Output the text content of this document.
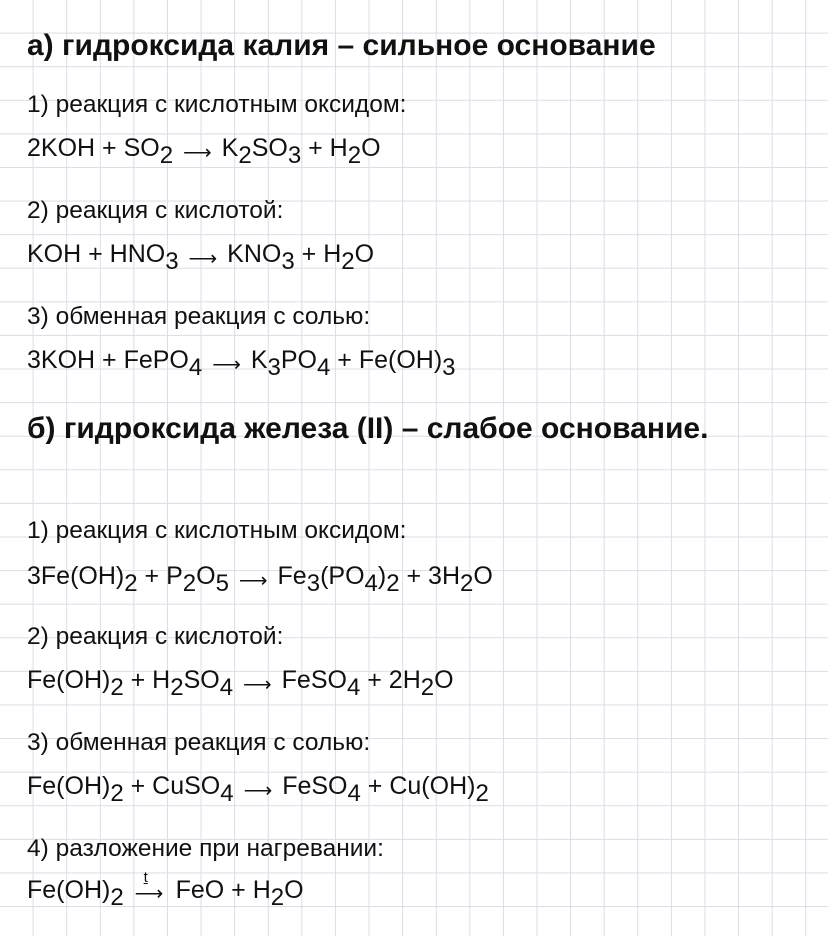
а) гидроксида калия – сильное основание
1) реакция с кислотным оксидом:
$2KOH + SO_2$ ⟶ $K_2SO_3 + H_2O$
2) реакция с кислотой:
KOH + $HNO_3$ ⟶ $KNO_3 + H_2O$
3) обменная реакция с солью:
3KOH + FePO$_4$ ⟶ $K_3PO_4 + Fe(OH)_3$
б) гидроксида железа (II) – слабое основание.
1) реакция с кислотным оксидом:
$3Fe(OH)_2 + P_2O_5$ ⟶ $Fe_3(PO_4)_2 + 3H_2O$
2) реакция с кислотой:
$Fe(OH)_2 + H_2SO_4$ ⟶ FeSO$_4$ + $2H_2O$
3) обменная реакция с солью:
$Fe(OH)_2$ + CuSO$_4$ ⟶ FeSO$_4$ + $Cu(OH)_2$
4) разложение при нагревании:
$Fe(OH)_2$
t
⟶ FeO + $H_2O$
